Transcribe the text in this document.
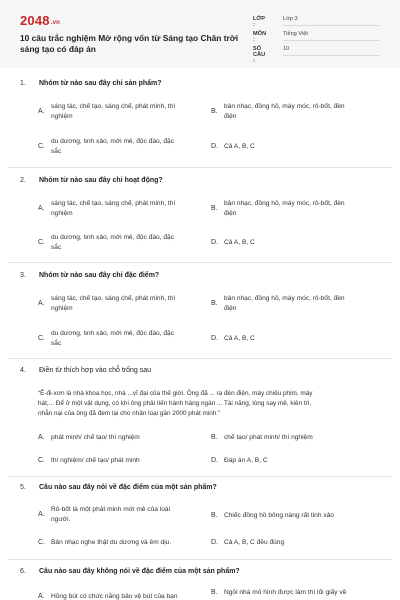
2048.vn
10 câu trắc nghiệm Mở rộng vốn từ Sáng tạo Chân trời sáng tạo có đáp án
LỚP :
Lớp 3
MÔN :
Tiếng Việt
SỐ CÂU :
10
1. Nhóm từ nào sau đây chỉ sản phẩm?
A.
sáng tác, chế tạo, sáng chế, phát minh, thí
nghiệm
B.
bản nhạc, đồng hồ, máy móc, rô-bốt, đèn
điện
C.
du dương, tinh xảo, mới mẻ, độc đáo, đặc
sắc
D. Cả A, B, C
2. Nhóm từ nào sau đây chỉ hoạt động?
A.
sáng tác, chế tạo, sáng chế, phát minh, thí
nghiệm
B.
bản nhạc, đồng hồ, máy móc, rô-bốt, đèn
điện
C.
du dương, tinh xảo, mới mẻ, độc đáo, đặc
sắc
D. Cả A, B, C
3. Nhóm từ nào sau đây chỉ đặc điểm?
A.
sáng tác, chế tạo, sáng chế, phát minh, thí
nghiệm
B.
bản nhạc, đồng hồ, máy móc, rô-bốt, đèn
điện
C.
du dương, tinh xảo, mới mẻ, độc đáo, đặc
sắc
D. Cả A, B, C
4. Điền từ thích hợp vào chỗ trống sau
“Ê-đi-xơn là nhà khoa học, nhà ...vĩ đại của thế giới. Ông đã ... ra đèn điện, máy chiếu phim, máy
hát,... Để ở một vật dụng, có khi ông phải tiến hành hàng ngàn ... Tài năng, lòng say mê, kiên trì,
nhẫn nại của ông đã đem lại cho nhân loại gần 2000 phát minh.”
A. phát minh/ chế tạo/ thí nghiệm	B. chế tạo/ phát minh/ thí nghiệm
C. thí nghiệm/ chế tạo/ phát minh	D. Đáp án A, B, C
5. Câu nào sau đây nói về đặc điểm của một sản phẩm?
A.
Rô-bốt là một phát minh mới mẻ của loài
người.
B. Chiếc đồng hồ bông nàng rất tinh xảo
C. Bản nhạc nghe thật du dương và êm dịu.	D. Cả A, B, C đều đúng
6. Câu nào sau đây không nói về đặc điểm của một sản phẩm?
A. Hồng bút có chức năng bảo vệ bút của bạn
B. Ngôi nhà mô hình được làm thì lối giấy về
